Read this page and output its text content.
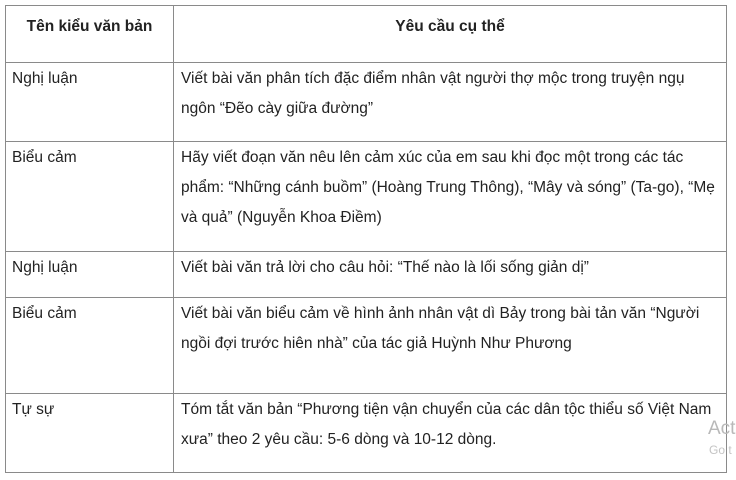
Tên kiểu văn bản	Yêu cầu cụ thể

Nghị luận	Viết bài văn phân tích đặc điểm nhân vật người thợ mộc trong truyện ngụ ngôn “Đẽo cày giữa đường”

Biểu cảm	Hãy viết đoạn văn nêu lên cảm xúc của em sau khi đọc một trong các tác phẩm: “Những cánh buồm” (Hoàng Trung Thông), “Mây và sóng” (Ta-go), “Mẹ và quả” (Nguyễn Khoa Điềm)

Nghị luận	Viết bài văn trả lời cho câu hỏi: “Thế nào là lối sống giản dị”

Biểu cảm	Viết bài văn biểu cảm về hình ảnh nhân vật dì Bảy trong bài tản văn “Người ngồi đợi trước hiên nhà” của tác giả Huỳnh Như Phương

Tự sự	Tóm tắt văn bản “Phương tiện vận chuyển của các dân tộc thiểu số Việt Nam xưa” theo 2 yêu cầu: 5-6 dòng và 10-12 dòng.
Act
Go t
